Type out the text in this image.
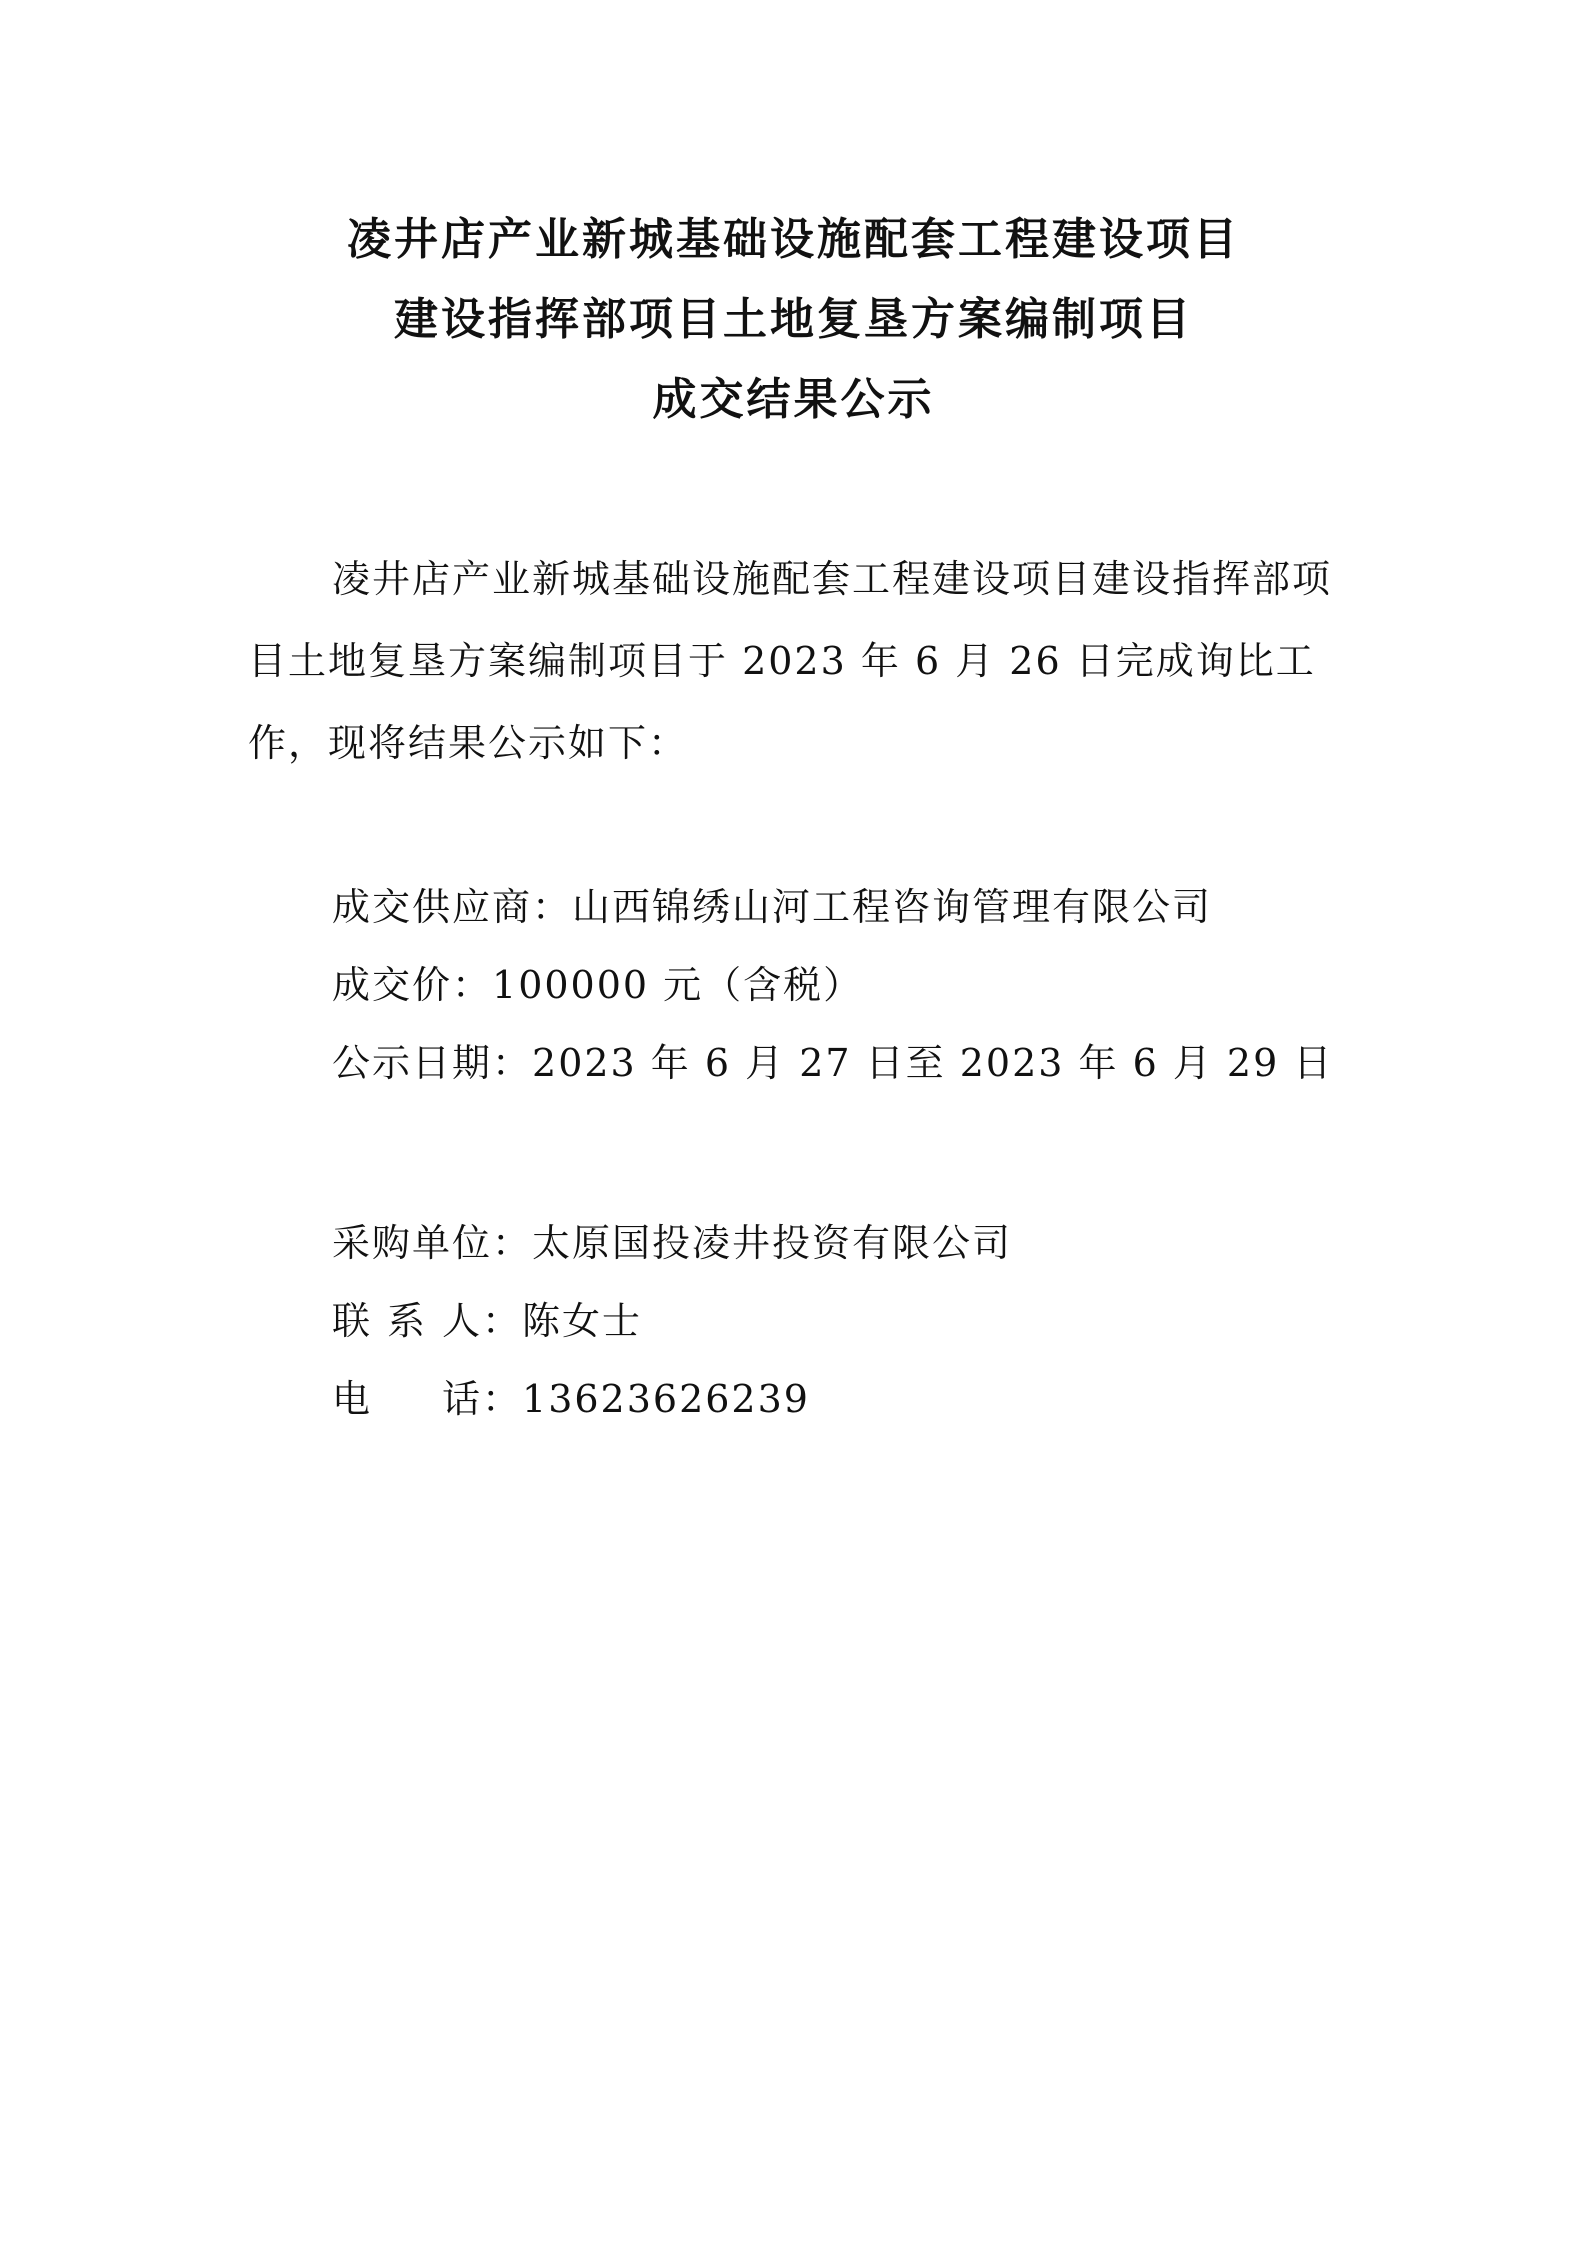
凌井店产业新城基础设施配套工程建设项目
建设指挥部项目土地复垦方案编制项目
成交结果公示

凌井店产业新城基础设施配套工程建设项目建设指挥部项目土地复垦方案编制项目于 2023 年 6 月 26 日完成询比工作，现将结果公示如下：

成交供应商：山西锦绣山河工程咨询管理有限公司
成交价：100000 元（含税）
公示日期：2023 年 6 月 27 日至 2023 年 6 月 29 日
采购单位：太原国投凌井投资有限公司
联 系 人：陈女士
电　话：13623626239
